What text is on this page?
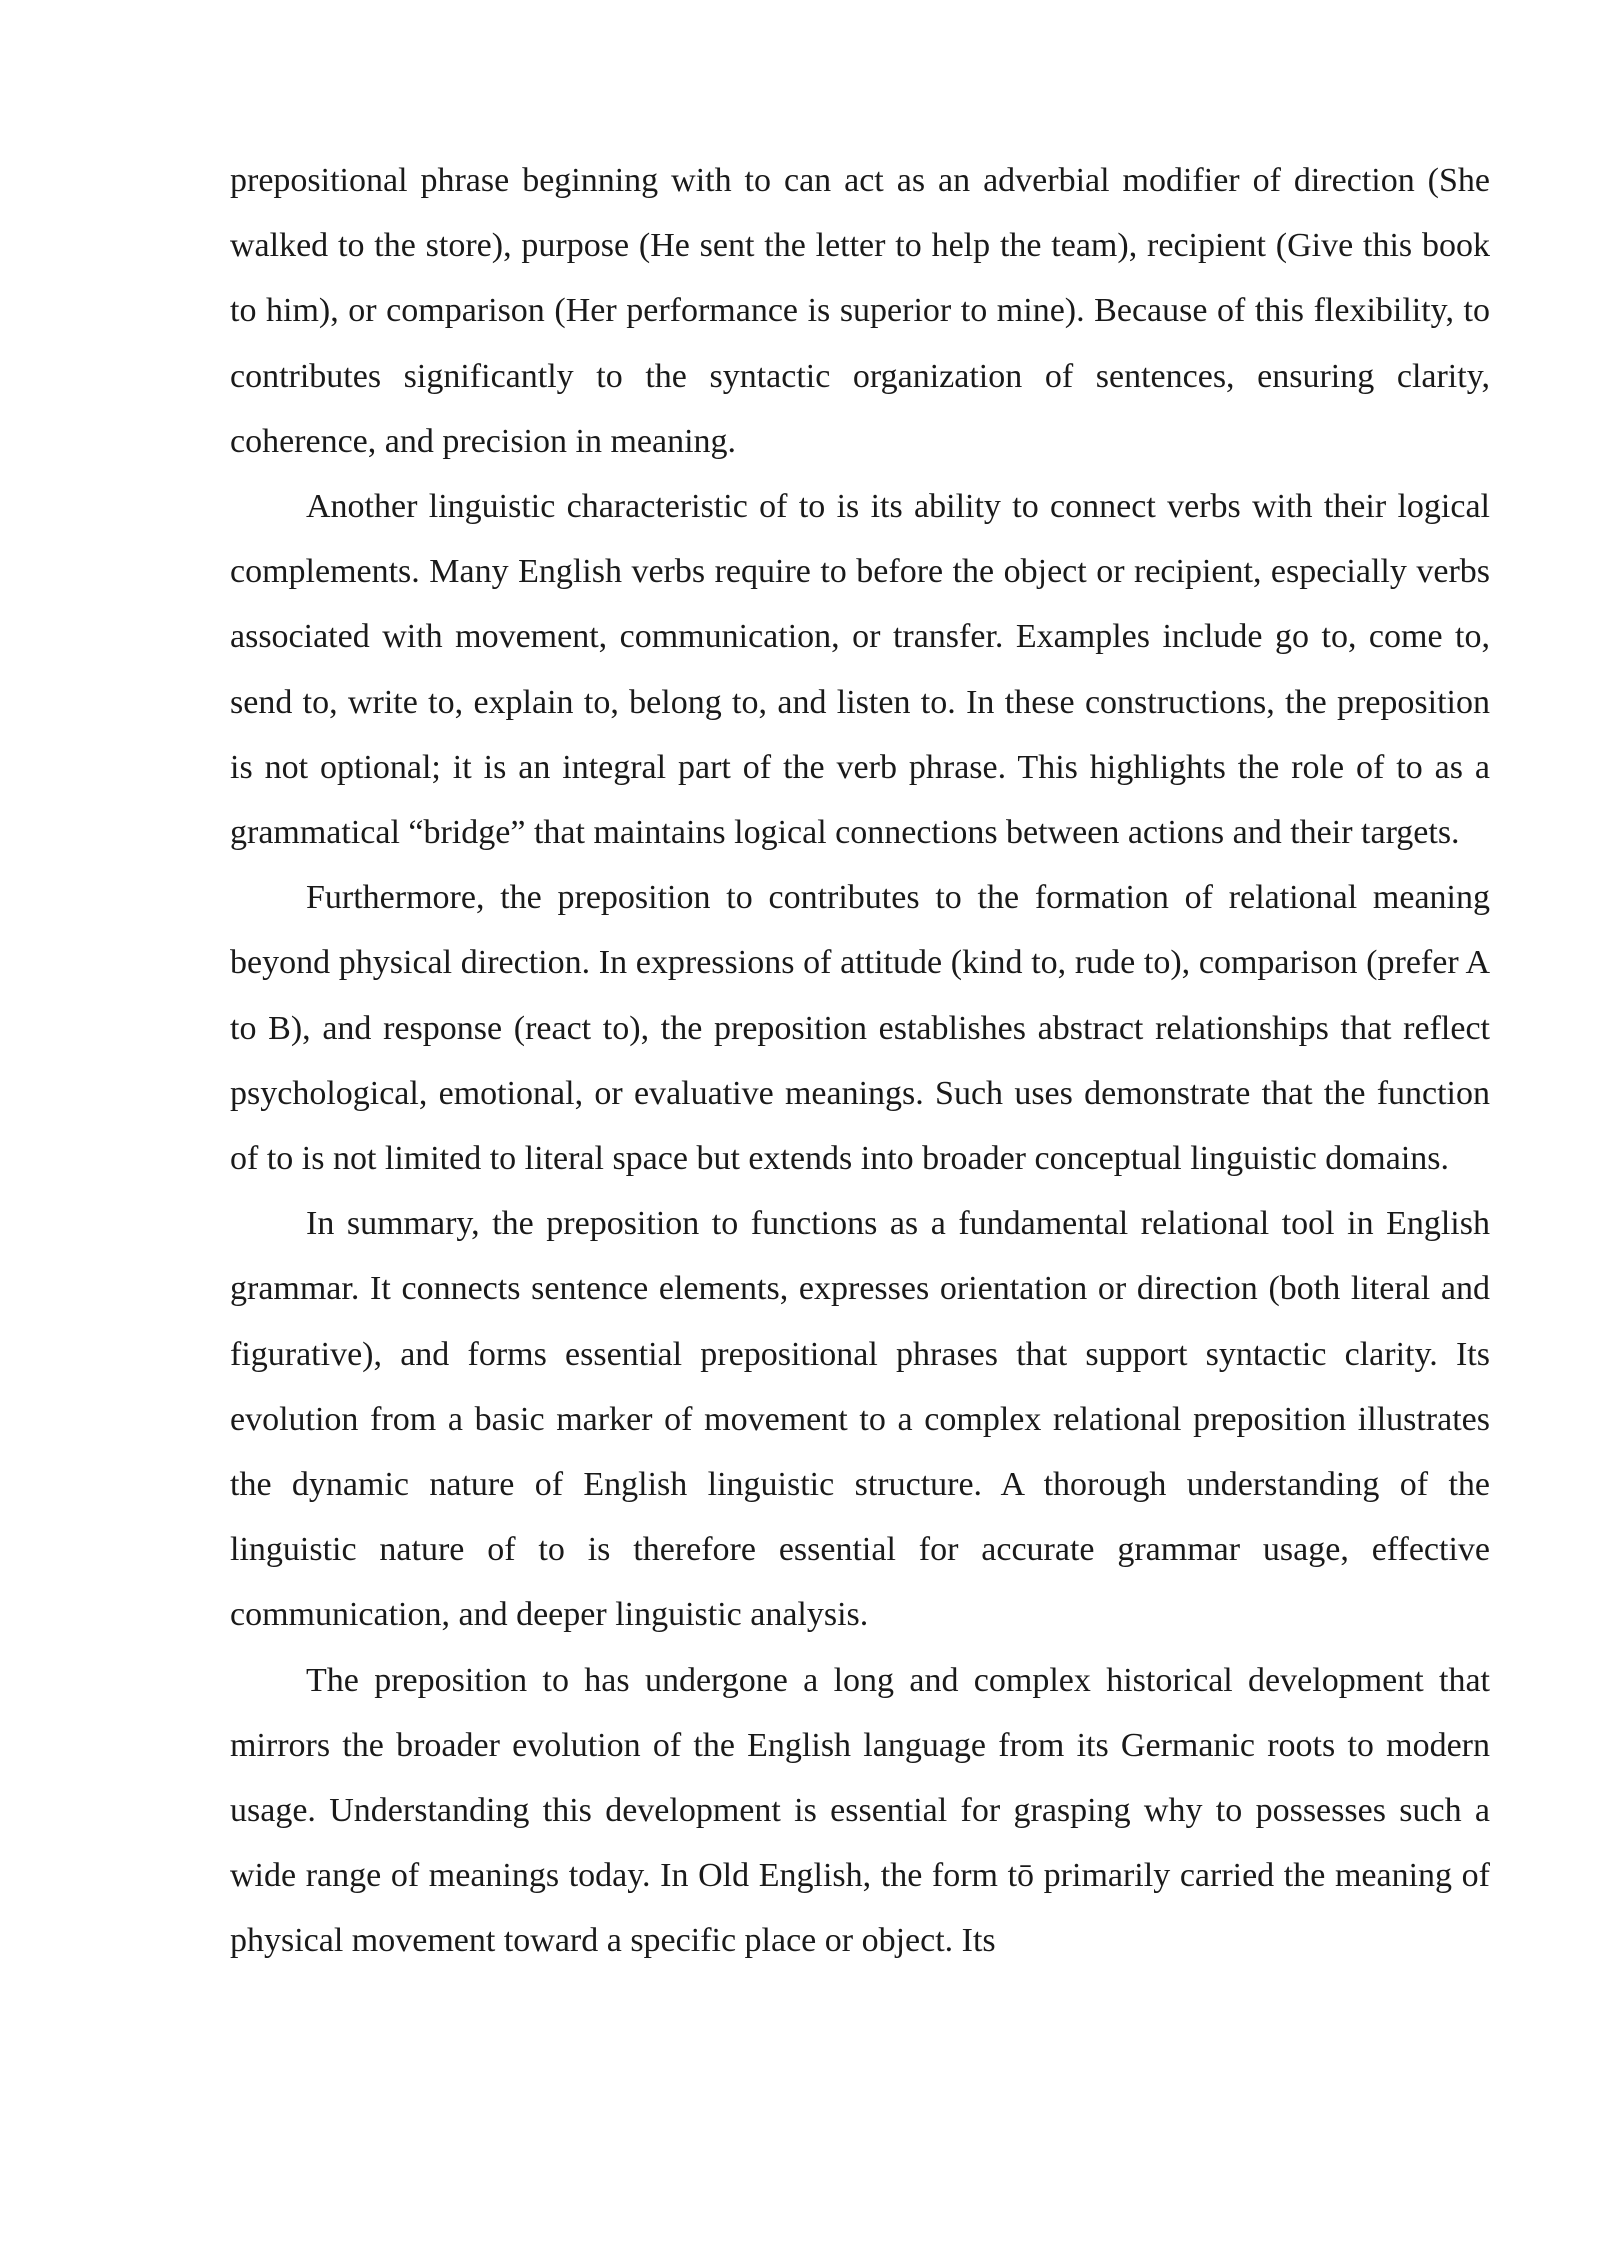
prepositional phrase beginning with to can act as an adverbial modifier of direction (She walked to the store), purpose (He sent the letter to help the team), recipient (Give this book to him), or comparison (Her performance is superior to mine). Because of this flexibility, to contributes significantly to the syntactic organization of sentences, ensuring clarity, coherence, and precision in meaning.

Another linguistic characteristic of to is its ability to connect verbs with their logical complements. Many English verbs require to before the object or recipient, especially verbs associated with movement, communication, or transfer. Examples include go to, come to, send to, write to, explain to, belong to, and listen to. In these constructions, the preposition is not optional; it is an integral part of the verb phrase. This highlights the role of to as a grammatical “bridge” that maintains logical connections between actions and their targets.

Furthermore, the preposition to contributes to the formation of relational meaning beyond physical direction. In expressions of attitude (kind to, rude to), comparison (prefer A to B), and response (react to), the preposition establishes abstract relationships that reflect psychological, emotional, or evaluative meanings. Such uses demonstrate that the function of to is not limited to literal space but extends into broader conceptual linguistic domains.

In summary, the preposition to functions as a fundamental relational tool in English grammar. It connects sentence elements, expresses orientation or direction (both literal and figurative), and forms essential prepositional phrases that support syntactic clarity. Its evolution from a basic marker of movement to a complex relational preposition illustrates the dynamic nature of English linguistic structure. A thorough understanding of the linguistic nature of to is therefore essential for accurate grammar usage, effective communication, and deeper linguistic analysis.

The preposition to has undergone a long and complex historical development that mirrors the broader evolution of the English language from its Germanic roots to modern usage. Understanding this development is essential for grasping why to possesses such a wide range of meanings today. In Old English, the form tō primarily carried the meaning of physical movement toward a specific place or object. Its
